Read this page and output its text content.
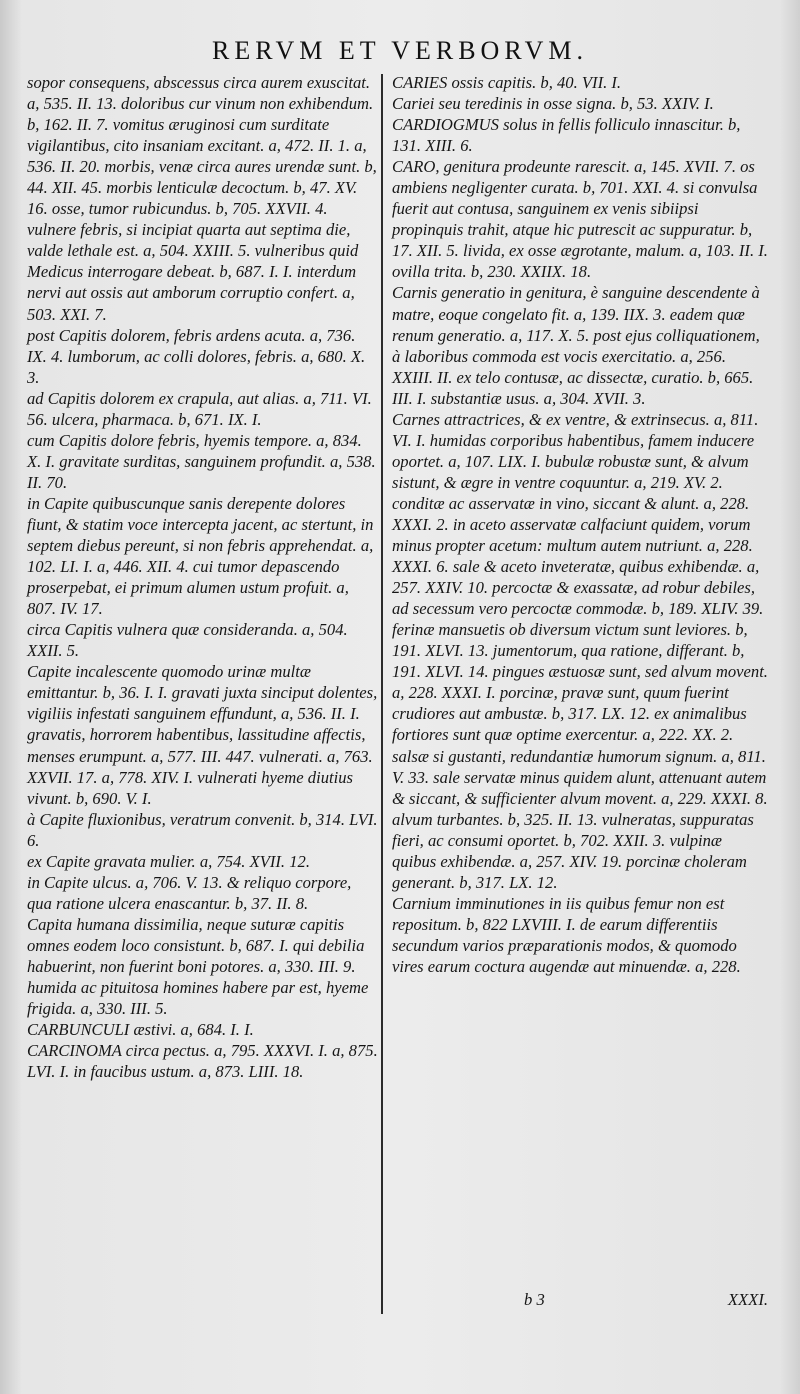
RERVM ET VERBORVM.

sopor consequens, abscessus circa aurem exuscitat. a, 535. II. 13. doloribus cur vinum non exhibendum. b, 162. II. 7. vomitus æruginosi cum surditate vigilantibus, cito insaniam excitant. a, 472. II. 1. a, 536. II. 20. morbis, venæ circa aures urendæ sunt. b, 44. XII. 45. morbis lenticulæ decoctum. b, 47. XV. 16. osse, tumor rubicundus. b, 705. XXVII. 4. vulnere febris, si incipiat quarta aut septima die, valde lethale est. a, 504. XXIII. 5. vulneribus quid Medicus interrogare debeat. b, 687. I. I. interdum nervi aut ossis aut amborum corruptio confert. a, 503. XXI. 7.

post Capitis dolorem, febris ardens acuta. a, 736. IX. 4. lumborum, ac colli dolores, febris. a, 680. X. 3.

ad Capitis dolorem ex crapula, aut alias. a, 711. VI. 56. ulcera, pharmaca. b, 671. IX. I.

cum Capitis dolore febris, hyemis tempore. a, 834. X. I. gravitate surditas, sanguinem profundit. a, 538. II. 70.

in Capite quibuscunque sanis derepente dolores fiunt, & statim voce intercepta jacent, ac stertunt, in septem diebus pereunt, si non febris apprehendat. a, 102. LI. I. a, 446. XII. 4. cui tumor depascendo proserpebat, ei primum alumen ustum profuit. a, 807. IV. 17.

circa Capitis vulnera quæ consideranda. a, 504. XXII. 5.

Capite incalescente quomodo urinæ multæ emittantur. b, 36. I. I. gravati juxta sinciput dolentes, vigiliis infestati sanguinem effundunt, a, 536. II. I. gravatis, horrorem habentibus, lassitudine affectis, menses erumpunt. a, 577. III. 447. vulnerati. a, 763. XXVII. 17. a, 778. XIV. I. vulnerati hyeme diutius vivunt. b, 690. V. I.

à Capite fluxionibus, veratrum convenit. b, 314. LVI. 6.

ex Capite gravata mulier. a, 754. XVII. 12.

in Capite ulcus. a, 706. V. 13. & reliquo corpore, qua ratione ulcera enascantur. b, 37. II. 8.

Capita humana dissimilia, neque suturæ capitis omnes eodem loco consistunt. b, 687. I. qui debilia habuerint, non fuerint boni potores. a, 330. III. 9. humida ac pituitosa homines habere par est, hyeme frigida. a, 330. III. 5.

CARBUNCULI æstivi. a, 684. I. I.

CARCINOMA circa pectus. a, 795. XXXVI. I. a, 875. LVI. I. in faucibus ustum. a, 873. LIII. 18.

CARIES ossis capitis. b, 40. VII. I.

Cariei seu teredinis in osse signa. b, 53. XXIV. I.

CARDIOGMUS solus in fellis folliculo innascitur. b, 131. XIII. 6.

CARO, genitura prodeunte rarescit. a, 145. XVII. 7. os ambiens negligenter curata. b, 701. XXI. 4. si convulsa fuerit aut contusa, sanguinem ex venis sibiipsi propinquis trahit, atque hic putrescit ac suppuratur. b, 17. XII. 5. livida, ex osse ægrotante, malum. a, 103. II. I. ovilla trita. b, 230. XXIIX. 18.

Carnis generatio in genitura, è sanguine descendente à matre, eoque congelato fit. a, 139. IIX. 3. eadem quæ renum generatio. a, 117. X. 5. post ejus colliquationem, à laboribus commoda est vocis exercitatio. a, 256. XXIII. II. ex telo contusæ, ac dissectæ, curatio. b, 665. III. I. substantiæ usus. a, 304. XVII. 3.

Carnes attractrices, & ex ventre, & extrinsecus. a, 811. VI. I. humidas corporibus habentibus, famem inducere oportet. a, 107. LIX. I. bubulæ robustæ sunt, & alvum sistunt, & ægre in ventre coquuntur. a, 219. XV. 2. conditæ ac asservatæ in vino, siccant & alunt. a, 228. XXXI. 2. in aceto asservatæ calfaciunt quidem, vorum minus propter acetum: multum autem nutriunt. a, 228. XXXI. 6. sale & aceto inveteratæ, quibus exhibendæ. a, 257. XXIV. 10. percoctæ & exassatæ, ad robur debiles, ad secessum vero percoctæ commodæ. b, 189. XLIV. 39. ferinæ mansuetis ob diversum victum sunt leviores. b, 191. XLVI. 13. jumentorum, qua ratione, differant. b, 191. XLVI. 14. pingues æstuosæ sunt, sed alvum movent. a, 228. XXXI. I. porcinæ, pravæ sunt, quum fuerint crudiores aut ambustæ. b, 317. LX. 12. ex animalibus fortiores sunt quæ optime exercentur. a, 222. XX. 2. salsæ si gustanti, redundantiæ humorum signum. a, 811. V. 33. sale servatæ minus quidem alunt, attenuant autem & siccant, & sufficienter alvum movent. a, 229. XXXI. 8. alvum turbantes. b, 325. II. 13. vulneratas, suppuratas fieri, ac consumi oportet. b, 702. XXII. 3. vulpinæ quibus exhibendæ. a, 257. XIV. 19. porcinæ choleram generant. b, 317. LX. 12.

Carnium imminutiones in iis quibus femur non est repositum. b, 822 LXVIII. I. de earum differentiis secundum varios præparationis modos, & quomodo vires earum coctura augendæ aut minuendæ. a, 228.

b 3	XXXI.
